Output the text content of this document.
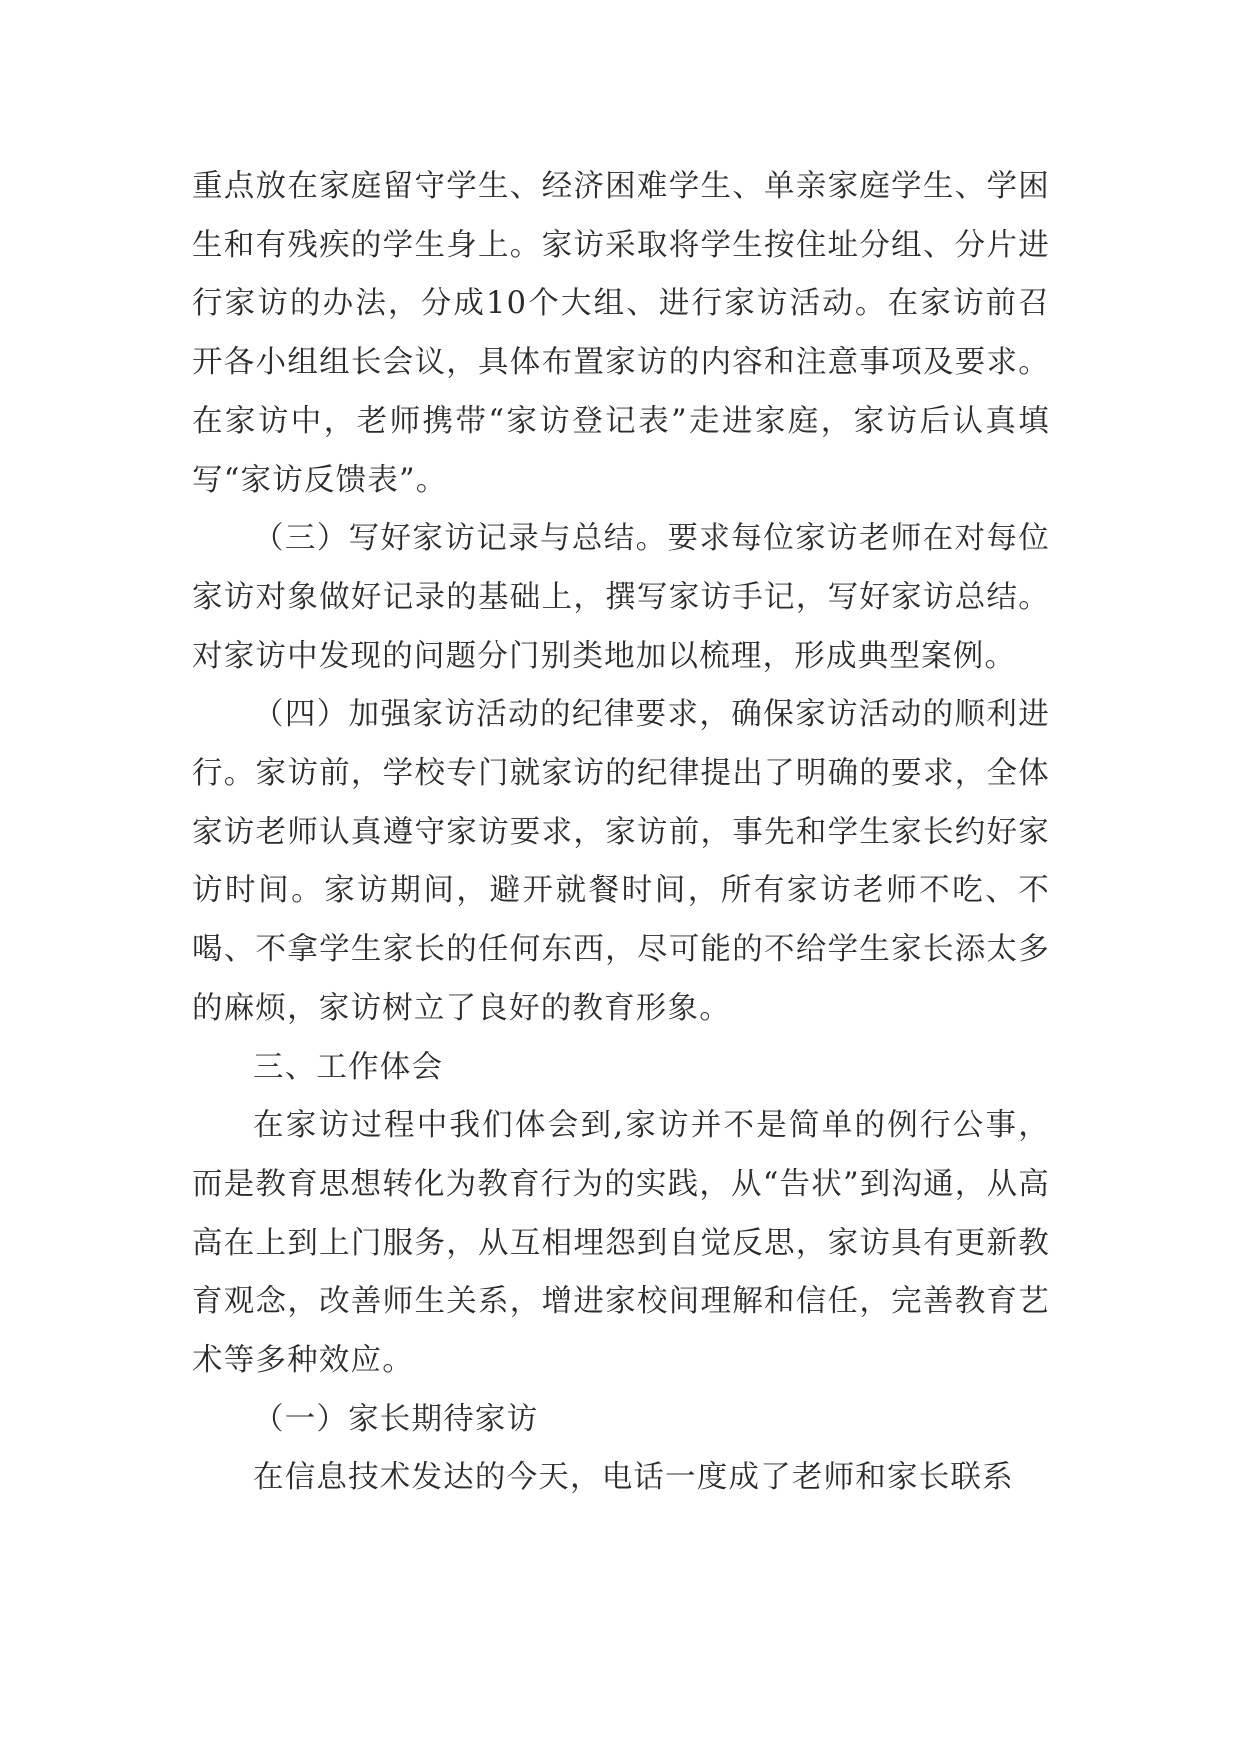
重点放在家庭留守学生、经济困难学生、单亲家庭学生、学困生和有残疾的学生身上。家访采取将学生按住址分组、分片进行家访的办法，分成10个大组、进行家访活动。在家访前召开各小组组长会议，具体布置家访的内容和注意事项及要求。在家访中，老师携带“家访登记表”走进家庭，家访后认真填写“家访反馈表”。

（三）写好家访记录与总结。要求每位家访老师在对每位家访对象做好记录的基础上，撰写家访手记，写好家访总结。对家访中发现的问题分门别类地加以梳理，形成典型案例。

（四）加强家访活动的纪律要求，确保家访活动的顺利进行。家访前，学校专门就家访的纪律提出了明确的要求，全体家访老师认真遵守家访要求，家访前，事先和学生家长约好家访时间。家访期间，避开就餐时间，所有家访老师不吃、不喝、不拿学生家长的任何东西，尽可能的不给学生家长添太多的麻烦，家访树立了良好的教育形象。

三、工作体会

在家访过程中我们体会到,家访并不是简单的例行公事，而是教育思想转化为教育行为的实践，从“告状”到沟通，从高高在上到上门服务，从互相埋怨到自觉反思，家访具有更新教育观念，改善师生关系，增进家校间理解和信任，完善教育艺术等多种效应。

（一）家长期待家访

在信息技术发达的今天，电话一度成了老师和家长联系
